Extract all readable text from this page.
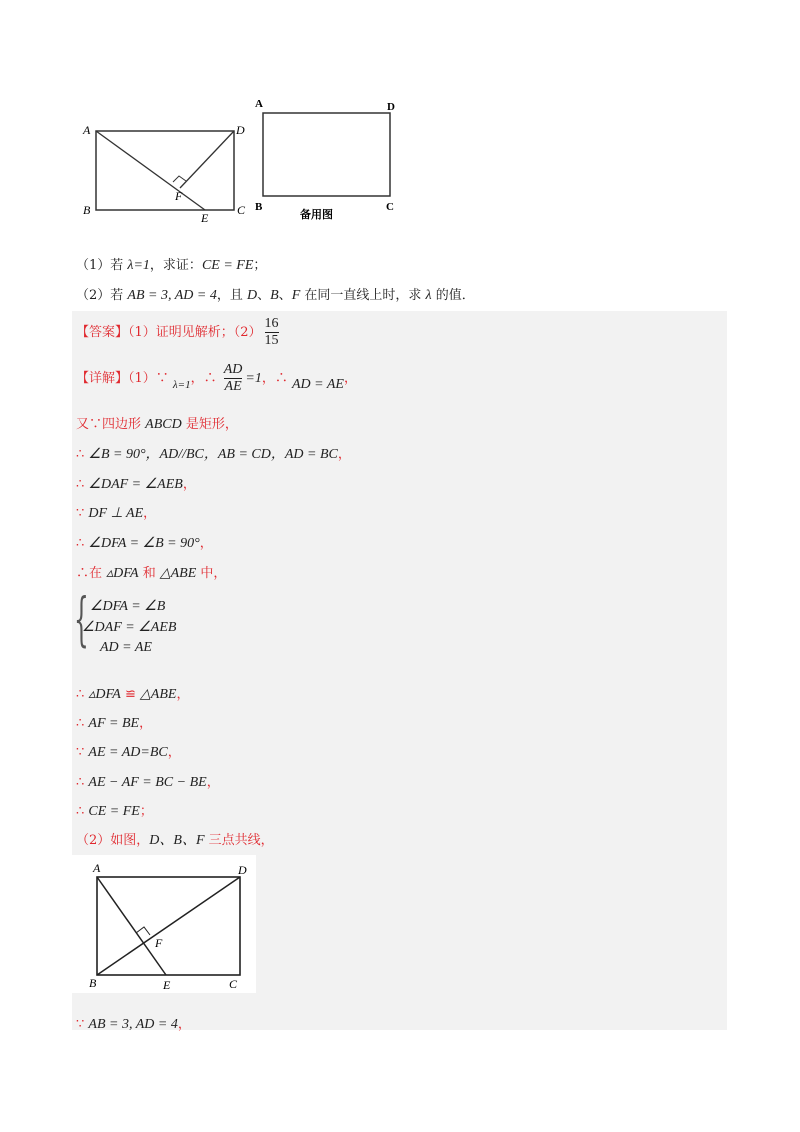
A	D
B	C
E
F
A	D
B	C
备用图
（1）若 λ=1，求证：CE = FE；
（2）若 AB = 3, AD = 4，且 D、B、F 在同一直线上时，求 λ 的值．
【答案】（1）证明见解析；$(2) \frac{16}{15}$
【详解】（1）∵ $_{\lambda=1}$，∴ $\frac{AD}{AE} =1$，∴ AD = AE，
又∵四边形 ABCD 是矩形，
∴ ∠B = 90°，AD//BC，AB = CD，AD = BC，
∴ ∠DAF = ∠AEB，
∵ DF ⊥ AE，
∴ ∠DFA = ∠B = 90°，
∴在 ▵DFA 和 △ABE 中，
∠DFA = ∠B
∠DAF = ∠AEB
AD = AE
∴ ▵DFA ≌ △ABE，
∴ AF = BE，
∵ AE = AD=BC，
∴ AE − AF = BC − BE，
∴ CE = FE；
（2）如图，D、B、F 三点共线，
∵ AB = 3, AD = 4，
{
A	D
B	E	C
F
